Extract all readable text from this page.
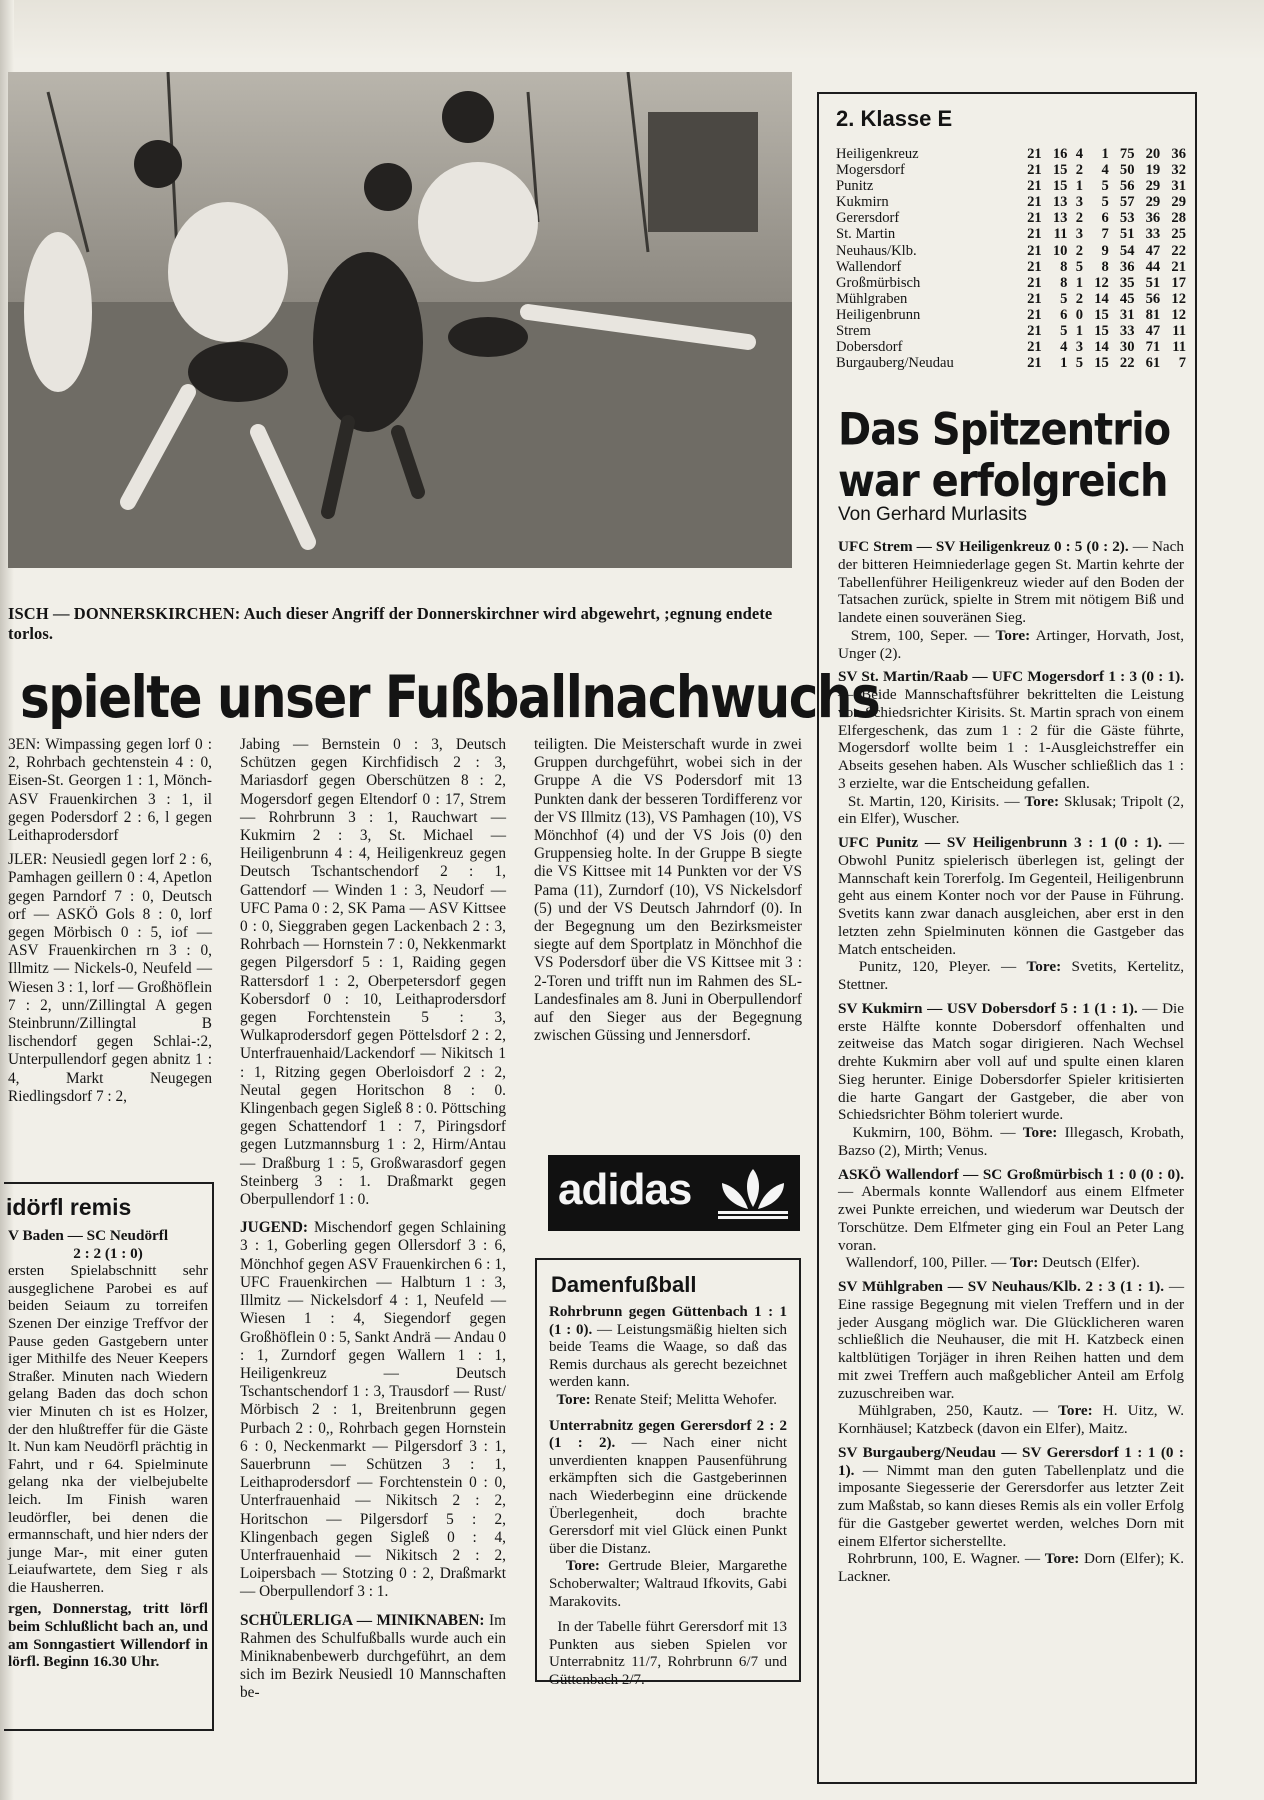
ISCH — DONNERSKIRCHEN: Auch dieser Angriff der Donnerskirchner wird abgewehrt, ;egnung endete torlos.
spielte unser Fußballnachwuchs

3EN: Wimpassing gegen lorf 0 : 2, Rohrbach gechtenstein 4 : 0, Eisen-St. Georgen 1 : 1, Mönch-ASV Frauenkirchen 3 : 1, il gegen Podersdorf 2 : 6, l gegen Leithaprodersdorf

JLER: Neusiedl gegen lorf 2 : 6, Pamhagen geillern 0 : 4, Apetlon gegen Parndorf 7 : 0, Deutsch orf — ASKÖ Gols 8 : 0, lorf gegen Mörbisch 0 : 5, iof — ASV Frauenkirchen rn 3 : 0, Illmitz — Nickels-0, Neufeld — Wiesen 3 : 1, lorf — Großhöflein 7 : 2, unn/Zillingtal A gegen Steinbrunn/Zillingtal B lischendorf gegen Schlai-:2, Unterpullendorf gegen abnitz 1 : 4, Markt Neugegen Riedlingsdorf 7 : 2,

idörfl remis

V Baden — SC Neudörfl

2 : 2 (1 : 0)

ersten Spielabschnitt sehr ausgeglichene Parobei es auf beiden Seiaum zu torreifen Szenen Der einzige Treffvor der Pause geden Gastgebern unter iger Mithilfe des Neuer Keepers Straßer. Minuten nach Wiedern gelang Baden das doch schon vier Minuten ch ist es Holzer, der den hlußtreffer für die Gäste lt. Nun kam Neudörfl prächtig in Fahrt, und r 64. Spielminute gelang nka der vielbejubelte leich. Im Finish waren leudörfler, bei denen die ermannschaft, und hier nders der junge Mar-, mit einer guten Leiaufwartete, dem Sieg r als die Hausherren.

rgen, Donnerstag, tritt lörfl beim Schlußlicht bach an, und am Sonngastiert Willendorf in lörfl. Beginn 16.30 Uhr.

Jabing — Bernstein 0 : 3, Deutsch Schützen gegen Kirchfidisch 2 : 3, Mariasdorf gegen Oberschützen 8 : 2, Mogersdorf gegen Eltendorf 0 : 17, Strem — Rohrbrunn 3 : 1, Rauchwart — Kukmirn 2 : 3, St. Michael — Heiligenbrunn 4 : 4, Heiligenkreuz gegen Deutsch Tschantschendorf 2 : 1, Gattendorf — Winden 1 : 3, Neudorf — UFC Pama 0 : 2, SK Pama — ASV Kittsee 0 : 0, Sieggraben gegen Lackenbach 2 : 3, Rohrbach — Hornstein 7 : 0, Nekkenmarkt gegen Pilgersdorf 5 : 1, Raiding gegen Rattersdorf 1 : 2, Oberpetersdorf gegen Kobersdorf 0 : 10, Leithaprodersdorf gegen Forchtenstein 5 : 3, Wulkaprodersdorf gegen Pöttelsdorf 2 : 2, Unterfrauenhaid/Lackendorf — Nikitsch 1 : 1, Ritzing gegen Oberloisdorf 2 : 2, Neutal gegen Horitschon 8 : 0. Klingenbach gegen Sigleß 8 : 0. Pöttsching gegen Schattendorf 1 : 7, Piringsdorf gegen Lutzmannsburg 1 : 2, Hirm/Antau — Draßburg 1 : 5, Großwarasdorf gegen Steinberg 3 : 1. Draßmarkt gegen Oberpullendorf 1 : 0.

JUGEND: Mischendorf gegen Schlaining 3 : 1, Goberling gegen Ollersdorf 3 : 6, Mönchhof gegen ASV Frauenkirchen 6 : 1, UFC Frauenkirchen — Halbturn 1 : 3, Illmitz — Nickelsdorf 4 : 1, Neufeld — Wiesen 1 : 4, Siegendorf gegen Großhöflein 0 : 5, Sankt Andrä — Andau 0 : 1, Zurndorf gegen Wallern 1 : 1, Heiligenkreuz — Deutsch Tschantschendorf 1 : 3, Trausdorf — Rust/ Mörbisch 2 : 1, Breitenbrunn gegen Purbach 2 : 0,, Rohrbach gegen Hornstein 6 : 0, Neckenmarkt — Pilgersdorf 3 : 1, Sauerbrunn — Schützen 3 : 1, Leithaprodersdorf — Forchtenstein 0 : 0, Unterfrauenhaid — Nikitsch 2 : 2, Horitschon — Pilgersdorf 5 : 2, Klingenbach gegen Sigleß 0 : 4, Unterfrauenhaid — Nikitsch 2 : 2, Loipersbach — Stotzing 0 : 2, Draßmarkt — Oberpullendorf 3 : 1.

SCHÜLERLIGA — MINIKNABEN: Im Rahmen des Schulfußballs wurde auch ein Miniknabenbewerb durchgeführt, an dem sich im Bezirk Neusiedl 10 Mannschaften be-

teiligten. Die Meisterschaft wurde in zwei Gruppen durchgeführt, wobei sich in der Gruppe A die VS Podersdorf mit 13 Punkten dank der besseren Tordifferenz vor der VS Illmitz (13), VS Pamhagen (10), VS Mönchhof (4) und der VS Jois (0) den Gruppensieg holte. In der Gruppe B siegte die VS Kittsee mit 14 Punkten vor der VS Pama (11), Zurndorf (10), VS Nickelsdorf (5) und der VS Deutsch Jahrndorf (0). In der Begegnung um den Bezirksmeister siegte auf dem Sportplatz in Mönchhof die VS Podersdorf über die VS Kittsee mit 3 : 2-Toren und trifft nun im Rahmen des SL-Landesfinales am 8. Juni in Oberpullendorf auf den Sieger aus der Begegnung zwischen Güssing und Jennersdorf.

adidas
Damenfußball

Rohrbrunn gegen Güttenbach 1 : 1 (1 : 0). — Leistungsmäßig hielten sich beide Teams die Waage, so daß das Remis durchaus als gerecht bezeichnet werden kann.

Tore: Renate Steif; Melitta Wehofer.

Unterrabnitz gegen Gerersdorf 2 : 2 (1 : 2). — Nach einer nicht unverdienten knappen Pausenführung erkämpften sich die Gastgeberinnen nach Wiederbeginn eine drückende Überlegenheit, doch brachte Gerersdorf mit viel Glück einen Punkt über die Distanz.

Tore: Gertrude Bleier, Margarethe Schoberwalter; Waltraud Ifkovits, Gabi Marakovits.

In der Tabelle führt Gerersdorf mit 13 Punkten aus sieben Spielen vor Unterrabnitz 11/7, Rohrbrunn 6/7 und Güttenbach 2/7.

2. Klasse E
Heiligenkreuz	21	16	4	1	75	20	36
Mogersdorf	21	15	2	4	50	19	32
Punitz	21	15	1	5	56	29	31
Kukmirn	21	13	3	5	57	29	29
Gerersdorf	21	13	2	6	53	36	28
St. Martin	21	11	3	7	51	33	25
Neuhaus/Klb.	21	10	2	9	54	47	22
Wallendorf	21	8	5	8	36	44	21
Großmürbisch	21	8	1	12	35	51	17
Mühlgraben	21	5	2	14	45	56	12
Heiligenbrunn	21	6	0	15	31	81	12
Strem	21	5	1	15	33	47	11
Dobersdorf	21	4	3	14	30	71	11
Burgauberg/Neudau	21	1	5	15	22	61	7
Das Spitzentrio
war erfolgreich
Von Gerhard Murlasits

UFC Strem — SV Heiligenkreuz 0 : 5 (0 : 2). — Nach der bitteren Heimniederlage gegen St. Martin kehrte der Tabellenführer Heiligenkreuz wieder auf den Boden der Tatsachen zurück, spielte in Strem mit nötigem Biß und landete einen souveränen Sieg.

Strem, 100, Seper. — Tore: Artinger, Horvath, Jost, Unger (2).

SV St. Martin/Raab — UFC Mogersdorf 1 : 3 (0 : 1). — Beide Mannschaftsführer bekrittelten die Leistung von Schiedsrichter Kirisits. St. Martin sprach von einem Elfergeschenk, das zum 1 : 2 für die Gäste führte, Mogersdorf wollte beim 1 : 1-Ausgleichstreffer ein Abseits gesehen haben. Als Wuscher schließlich das 1 : 3 erzielte, war die Entscheidung gefallen.

St. Martin, 120, Kirisits. — Tore: Sklusak; Tripolt (2, ein Elfer), Wuscher.

UFC Punitz — SV Heiligenbrunn 3 : 1 (0 : 1). — Obwohl Punitz spielerisch überlegen ist, gelingt der Mannschaft kein Torerfolg. Im Gegenteil, Heiligenbrunn geht aus einem Konter noch vor der Pause in Führung. Svetits kann zwar danach ausgleichen, aber erst in den letzten zehn Spielminuten können die Gastgeber das Match entscheiden.

Punitz, 120, Pleyer. — Tore: Svetits, Kertelitz, Stettner.

SV Kukmirn — USV Dobersdorf 5 : 1 (1 : 1). — Die erste Hälfte konnte Dobersdorf offenhalten und zeitweise das Match sogar dirigieren. Nach Wechsel drehte Kukmirn aber voll auf und spulte einen klaren Sieg herunter. Einige Dobersdorfer Spieler kritisierten die harte Gangart der Gastgeber, die aber von Schiedsrichter Böhm toleriert wurde.

Kukmirn, 100, Böhm. — Tore: Illegasch, Krobath, Bazso (2), Mirth; Venus.

ASKÖ Wallendorf — SC Großmürbisch 1 : 0 (0 : 0). — Abermals konnte Wallendorf aus einem Elfmeter zwei Punkte erreichen, und wiederum war Deutsch der Torschütze. Dem Elfmeter ging ein Foul an Peter Lang voran.

Wallendorf, 100, Piller. — Tor: Deutsch (Elfer).

SV Mühlgraben — SV Neuhaus/Klb. 2 : 3 (1 : 1). — Eine rassige Begegnung mit vielen Treffern und in der jeder Ausgang möglich war. Die Glücklicheren waren schließlich die Neuhauser, die mit H. Katzbeck einen kaltblütigen Torjäger in ihren Reihen hatten und dem mit zwei Treffern auch maßgeblicher Anteil am Erfolg zuzuschreiben war.

Mühlgraben, 250, Kautz. — Tore: H. Uitz, W. Kornhäusel; Katzbeck (davon ein Elfer), Maitz.

SV Burgauberg/Neudau — SV Gerersdorf 1 : 1 (0 : 1). — Nimmt man den guten Tabellenplatz und die imposante Siegesserie der Gerersdorfer aus letzter Zeit zum Maßstab, so kann dieses Remis als ein voller Erfolg für die Gastgeber gewertet werden, welches Dorn mit einem Elfertor sicherstellte.

Rohrbrunn, 100, E. Wagner. — Tore: Dorn (Elfer); K. Lackner.
